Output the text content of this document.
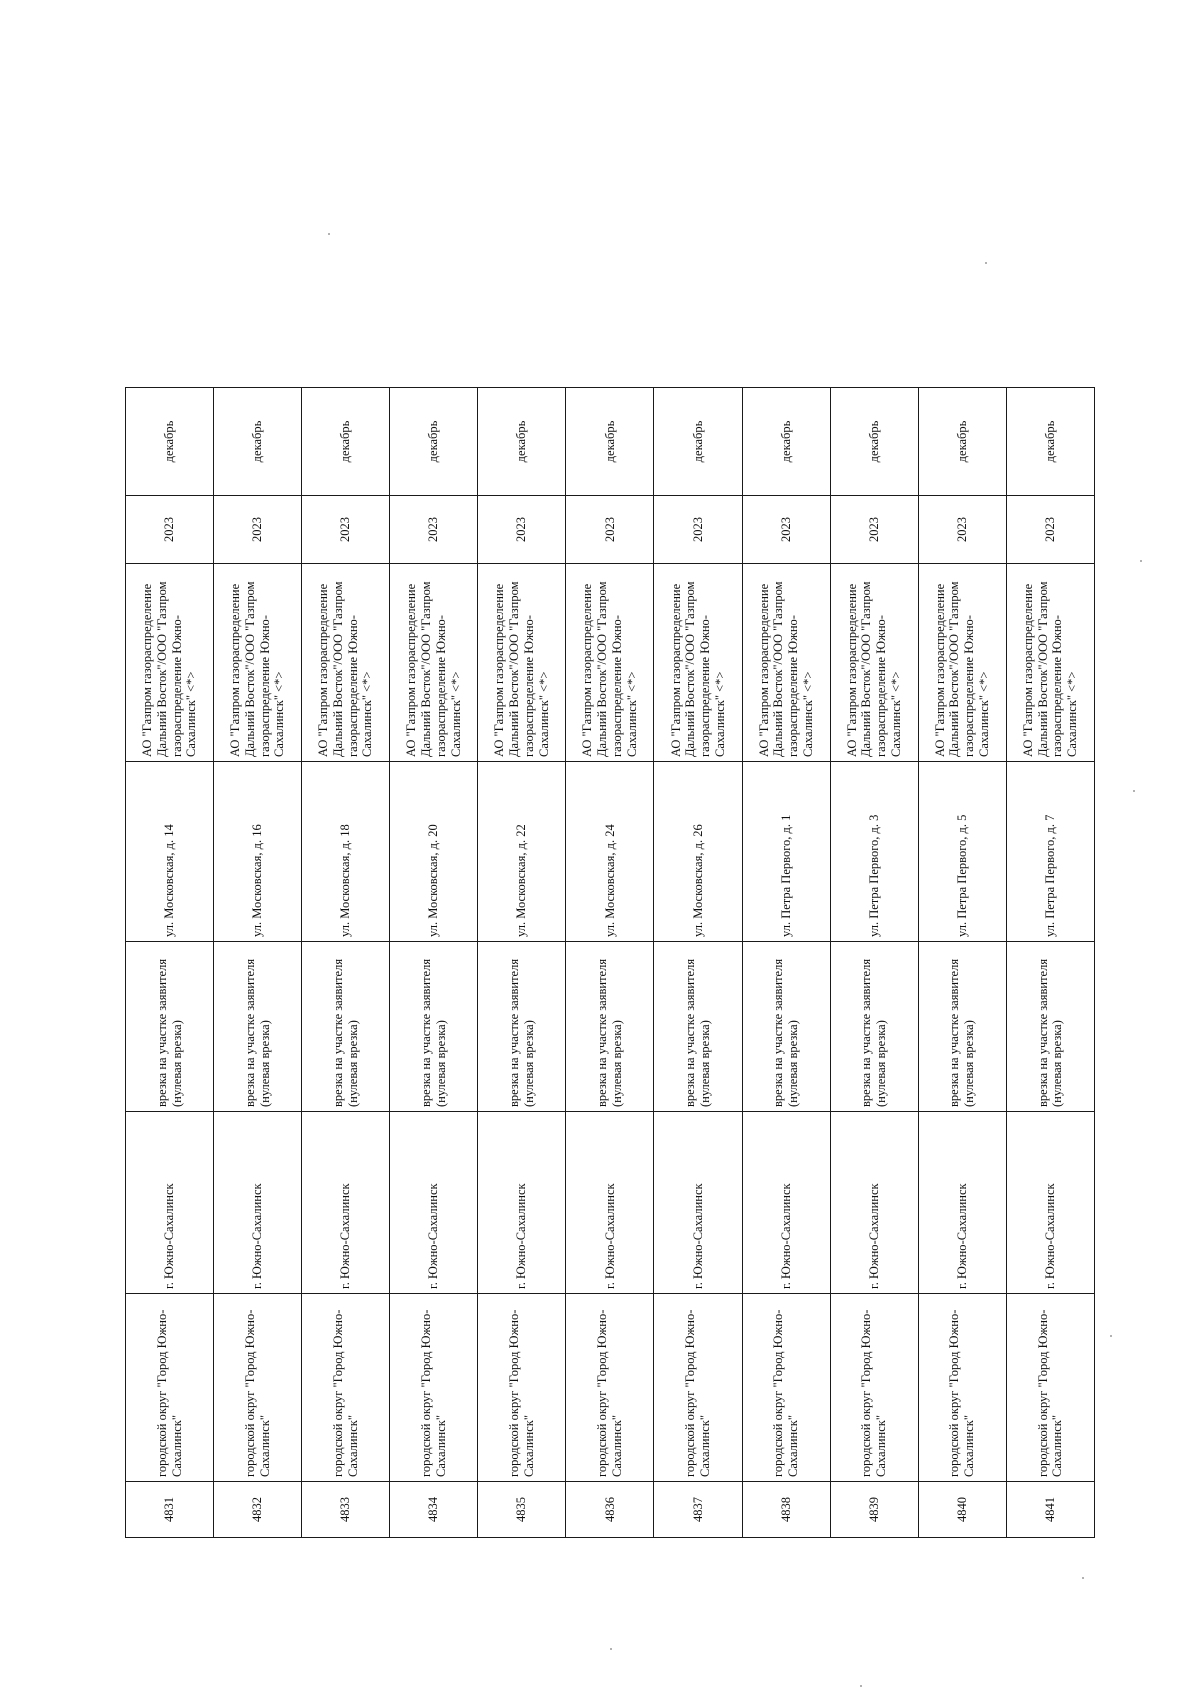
4831	городской округ "Город Южно-Сахалинск"	г. Южно-Сахалинск	врезка на участке заявителя (нулевая врезка)	ул. Московская, д. 14	АО "Газпром газораспределение Дальний Восток"/ООО "Газпром газораспределение Южно-Сахалинск" <*>	2023	декабрь
4832	городской округ "Город Южно-Сахалинск"	г. Южно-Сахалинск	врезка на участке заявителя (нулевая врезка)	ул. Московская, д. 16	АО "Газпром газораспределение Дальний Восток"/ООО "Газпром газораспределение Южно-Сахалинск" <*>	2023	декабрь
4833	городской округ "Город Южно-Сахалинск"	г. Южно-Сахалинск	врезка на участке заявителя (нулевая врезка)	ул. Московская, д. 18	АО "Газпром газораспределение Дальний Восток"/ООО "Газпром газораспределение Южно-Сахалинск" <*>	2023	декабрь
4834	городской округ "Город Южно-Сахалинск"	г. Южно-Сахалинск	врезка на участке заявителя (нулевая врезка)	ул. Московская, д. 20	АО "Газпром газораспределение Дальний Восток"/ООО "Газпром газораспределение Южно-Сахалинск" <*>	2023	декабрь
4835	городской округ "Город Южно-Сахалинск"	г. Южно-Сахалинск	врезка на участке заявителя (нулевая врезка)	ул. Московская, д. 22	АО "Газпром газораспределение Дальний Восток"/ООО "Газпром газораспределение Южно-Сахалинск" <*>	2023	декабрь
4836	городской округ "Город Южно-Сахалинск"	г. Южно-Сахалинск	врезка на участке заявителя (нулевая врезка)	ул. Московская, д. 24	АО "Газпром газораспределение Дальний Восток"/ООО "Газпром газораспределение Южно-Сахалинск" <*>	2023	декабрь
4837	городской округ "Город Южно-Сахалинск"	г. Южно-Сахалинск	врезка на участке заявителя (нулевая врезка)	ул. Московская, д. 26	АО "Газпром газораспределение Дальний Восток"/ООО "Газпром газораспределение Южно-Сахалинск" <*>	2023	декабрь
4838	городской округ "Город Южно-Сахалинск"	г. Южно-Сахалинск	врезка на участке заявителя (нулевая врезка)	ул. Петра Первого, д. 1	АО "Газпром газораспределение Дальний Восток"/ООО "Газпром газораспределение Южно-Сахалинск" <*>	2023	декабрь
4839	городской округ "Город Южно-Сахалинск"	г. Южно-Сахалинск	врезка на участке заявителя (нулевая врезка)	ул. Петра Первого, д. 3	АО "Газпром газораспределение Дальний Восток"/ООО "Газпром газораспределение Южно-Сахалинск" <*>	2023	декабрь
4840	городской округ "Город Южно-Сахалинск"	г. Южно-Сахалинск	врезка на участке заявителя (нулевая врезка)	ул. Петра Первого, д. 5	АО "Газпром газораспределение Дальний Восток"/ООО "Газпром газораспределение Южно-Сахалинск" <*>	2023	декабрь
4841	городской округ "Город Южно-Сахалинск"	г. Южно-Сахалинск	врезка на участке заявителя (нулевая врезка)	ул. Петра Первого, д. 7	АО "Газпром газораспределение Дальний Восток"/ООО "Газпром газораспределение Южно-Сахалинск" <*>	2023	декабрь
